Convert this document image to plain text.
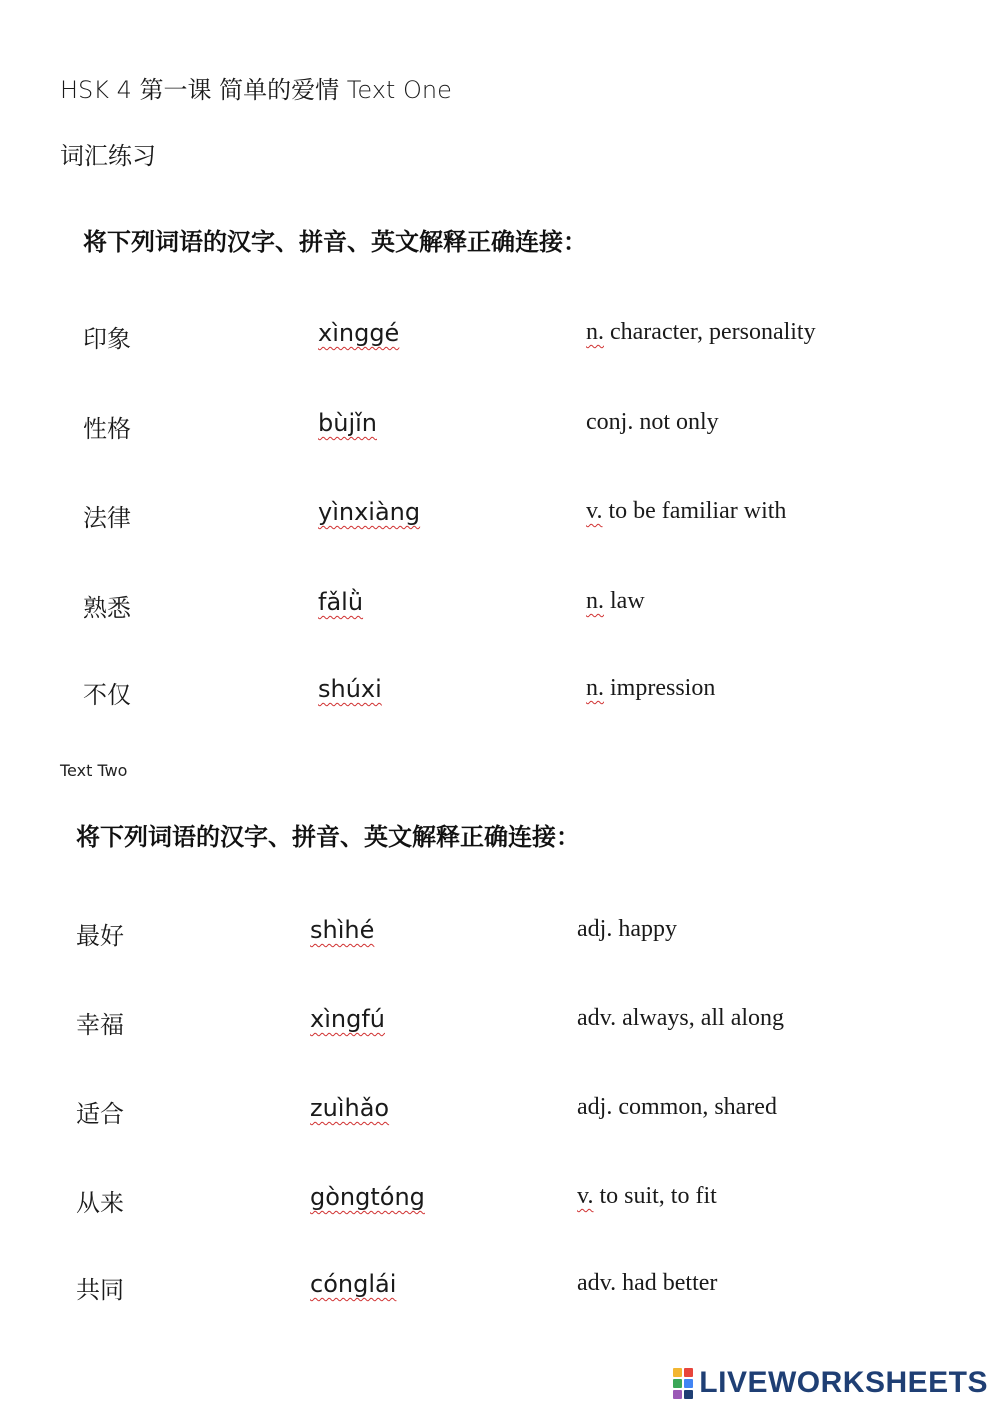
HSK 4 第一课 简单的爱情 Text One
词汇练习
将下列词语的汉字、拼音、英文解释正确连接：
印象	xìnggé	n. character, personality
性格	bùjǐn	conj. not only
法律	yìnxiàng	v. to be familiar with
熟悉	fǎlǜ	n. law
不仅	shúxi	n. impression
Text Two
将下列词语的汉字、拼音、英文解释正确连接：
最好	shìhé	adj. happy
幸福	xìngfú	adv. always, all along
适合	zuìhǎo	adj. common, shared
从来	gòngtóng	v. to suit, to fit
共同	cónglái	adv. had better
LIVEWORKSHEETS
